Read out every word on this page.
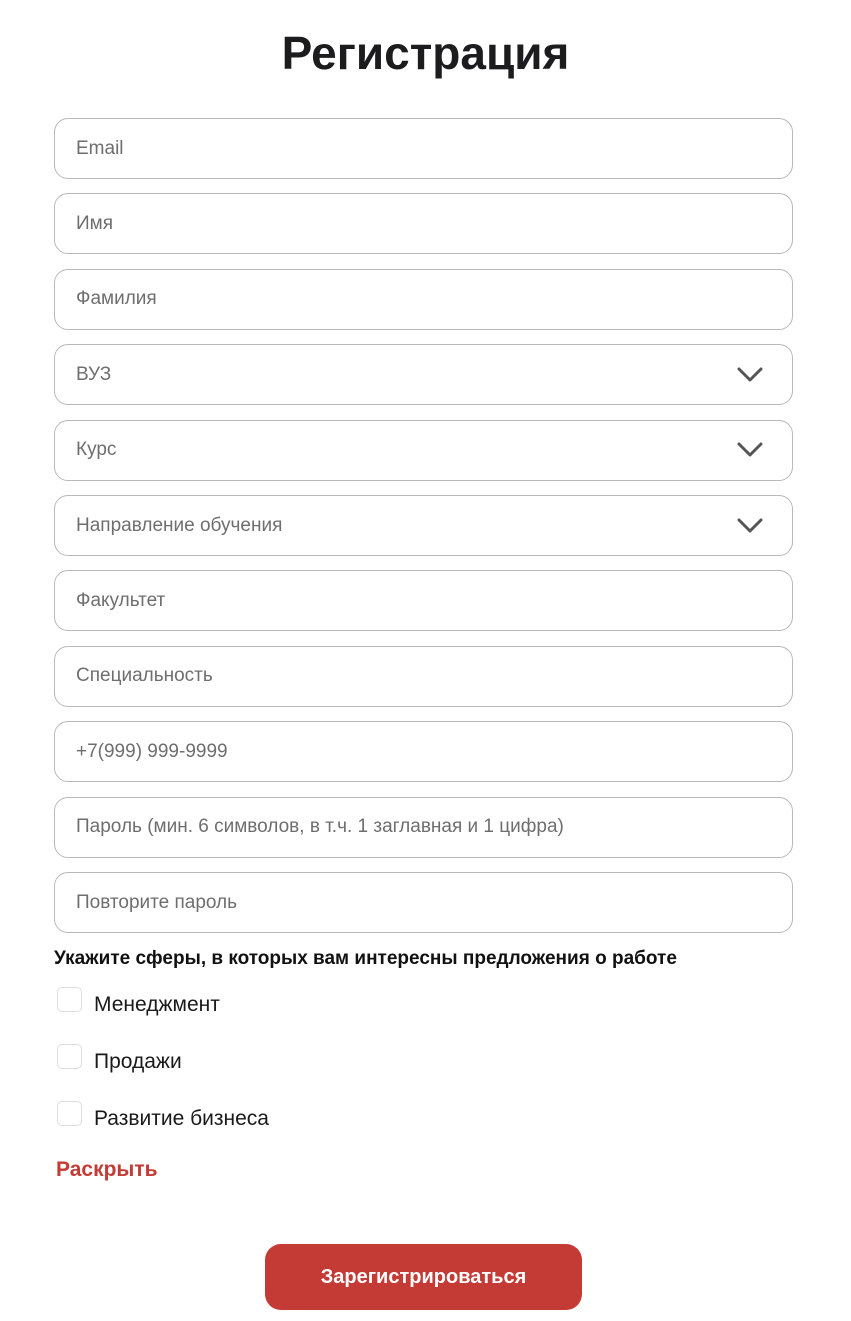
Регистрация
Email
Имя
Фамилия
ВУЗ
Курс
Направление обучения
Факультет
Специальность
+7(999) 999-9999
Пароль (мин. 6 символов, в т.ч. 1 заглавная и 1 цифра)
Повторите пароль
Укажите сферы, в которых вам интересны предложения о работе
Менеджмент
Продажи
Развитие бизнеса
Раскрыть
Зарегистрироваться
